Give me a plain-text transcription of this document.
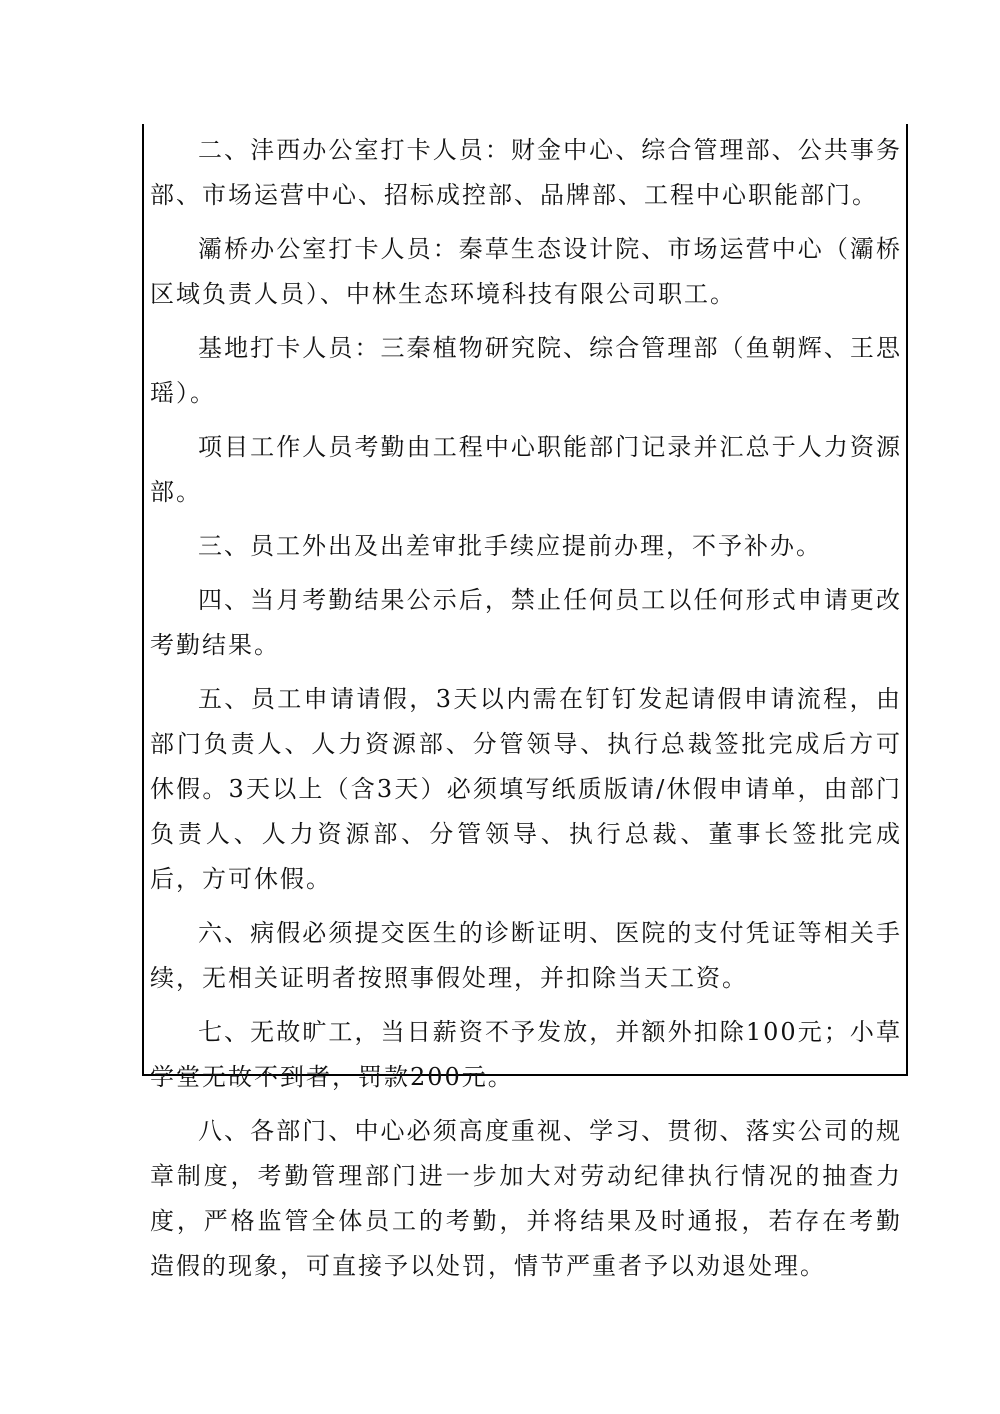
二、沣西办公室打卡人员：财金中心、综合管理部、公共事务部、市场运营中心、招标成控部、品牌部、工程中心职能部门。

灞桥办公室打卡人员：秦草生态设计院、市场运营中心（灞桥区域负责人员）、中林生态环境科技有限公司职工。

基地打卡人员：三秦植物研究院、综合管理部（鱼朝辉、王思瑶）。

项目工作人员考勤由工程中心职能部门记录并汇总于人力资源部。

三、员工外出及出差审批手续应提前办理，不予补办。

四、当月考勤结果公示后，禁止任何员工以任何形式申请更改考勤结果。

五、员工申请请假，3天以内需在钉钉发起请假申请流程，由部门负责人、人力资源部、分管领导、执行总裁签批完成后方可休假。3天以上（含3天）必须填写纸质版请/休假申请单，由部门负责人、人力资源部、分管领导、执行总裁、董事长签批完成后，方可休假。

六、病假必须提交医生的诊断证明、医院的支付凭证等相关手续，无相关证明者按照事假处理，并扣除当天工资。

七、无故旷工，当日薪资不予发放，并额外扣除100元；小草学堂无故不到者，罚款200元。

八、各部门、中心必须高度重视、学习、贯彻、落实公司的规章制度，考勤管理部门进一步加大对劳动纪律执行情况的抽查力度，严格监管全体员工的考勤，并将结果及时通报，若存在考勤造假的现象，可直接予以处罚，情节严重者予以劝退处理。
